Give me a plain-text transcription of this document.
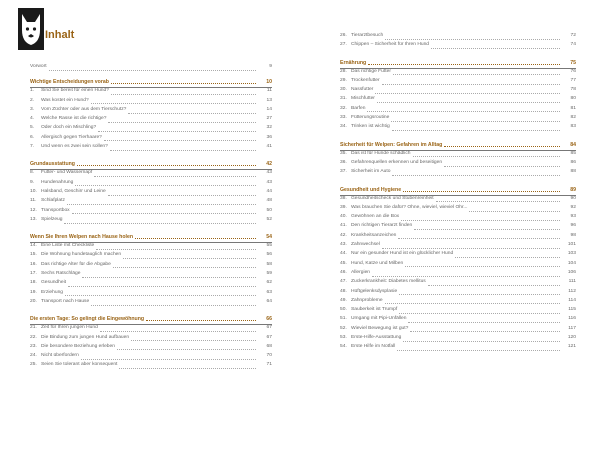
Inhalt
Vorwort	9
Wichtige Entscheidungen vorab	10
1.	Sind Sie bereit für einen Hund?	11
2.	Was kostet ein Hund?	13
3.	Vom Züchter oder aus dem Tierschutz?	14
4.	Welche Rasse ist die richtige?	27
5.	Oder doch ein Mischling?	32
6.	Allergisch gegen Tierhaare?	36
7.	Und wenn es zwei sein sollen?	41
Grundausstattung	42
8.	Futter- und Wassernapf	43
9.	Hundenahrung	43
10. Halsband, Geschirr und Leine	44
11. Schlafplatz	48
12. Transportbox	50
13. Spielzeug	52
Wenn Sie Ihren Welpen nach Hause holen	54
14. Eine Liste mit Checkliste	55
15. Die Wohnung hundetauglich machen	56
16. Das richtige Alter für die Abgabe	58
17. Sechs Ratschläge	59
18. Gesundheit	62
19. Erziehung	63
20. Transport nach Hause	64
Die ersten Tage: So gelingt die Eingewöhnung	66
21. Zeit für Ihren jungen Hund	67
22. Die Bindung zum jungen Hund aufbauen	67
23. Die besondere Beziehung erleben	68
24. Nicht überfordern	70
25. Seien Sie tolerant aber konsequent	71
26. Tierarztbesuch	72
27. Chippen – Sicherheit für Ihren Hund	74
Ernährung	75
28. Das richtige Futter	76
29. Trockenfutter	77
30. Nassfutter	78
31. Mischfutter	80
32. Barfen	81
33. Fütterungsroutine	82
34. Trinken ist wichtig	83
Sicherheit für Welpen: Gefahren im Alltag	84
35. Das ist für Hunde schädlich	85
36. Gefahrenquellen erkennen und beseitigen	86
37. Sicherheit im Auto	88
Gesundheit und Hygiene	89
38. Gesundheitscheck und Stubenreinheit	90
39. Was brauchen Sie dafür? Ohne, wieviel, wieviel Ohr...	92
40. Gewöhnen an die Box	93
41. Den richtigen Tierarzt finden	96
42. Krankheitsanzeichen	98
43. Zahnwechsel	101
44. Nur ein gesunder Hund ist ein glücklicher Hund	103
45. Hund, Katze und Milben	104
46. Allergien	106
47. Zuckerkrankheit: Diabetes mellitus	111
48. Hüftgelenksdysplasie	112
49. Zahnprobleme	114
50. Sauberkeit ist Trumpf	115
51. Umgang mit Pipi-Unfällen	116
52. Wieviel Bewegung ist gut?	117
53. Erste-Hilfe-Ausstattung	120
54. Erste Hilfe im Notfall	121
